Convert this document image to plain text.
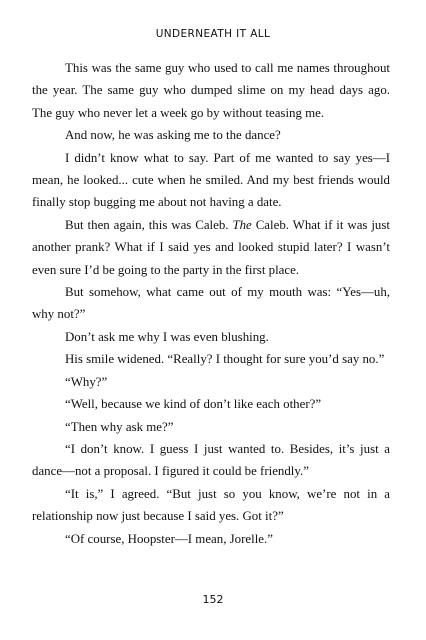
UNDERNEATH IT ALL

This was the same guy who used to call me names throughout the year. The same guy who dumped slime on my head days ago. The guy who never let a week go by without teasing me.

And now, he was asking me to the dance?

I didn’t know what to say. Part of me wanted to say yes—I mean, he looked... cute when he smiled. And my best friends would finally stop bugging me about not having a date.

But then again, this was Caleb. The Caleb. What if it was just another prank? What if I said yes and looked stupid later? I wasn’t even sure I’d be going to the party in the first place.

But somehow, what came out of my mouth was: “Yes—uh, why not?”

Don’t ask me why I was even blushing.

His smile widened. “Really? I thought for sure you’d say no.”

“Why?”

“Well, because we kind of don’t like each other?”

“Then why ask me?”

“I don’t know. I guess I just wanted to. Besides, it’s just a dance—not a proposal. I figured it could be friendly.”

“It is,” I agreed. “But just so you know, we’re not in a relationship now just because I said yes. Got it?”

“Of course, Hoopster—I mean, Jorelle.”

152
